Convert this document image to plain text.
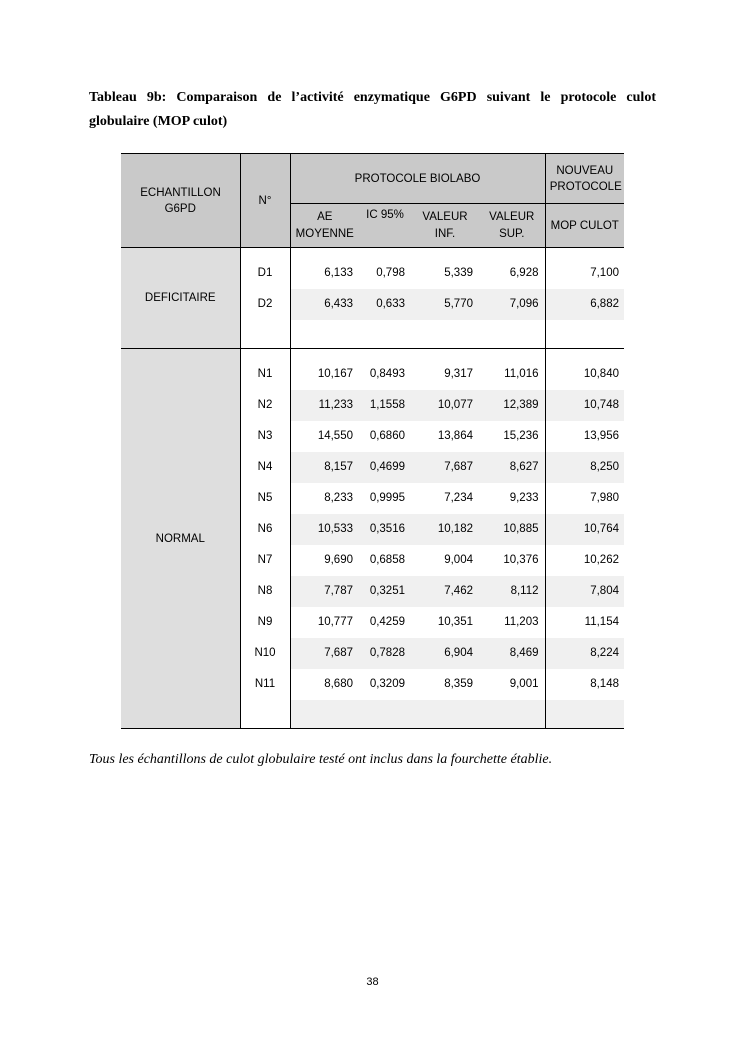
Tableau 9b: Comparaison de l’activité enzymatique G6PD suivant le protocole culot
globulaire (MOP culot)
ECHANTILLON G6PD	N°	PROTOCOLE BIOLABO				NOUVEAU PROTOCOLE

		AE MOYENNE	IC 95%	VALEUR INF.	VALEUR SUP.	MOP CULOT
DEFICITAIRE						
	D1	6,133	0,798	5,339	6,928	7,100
	D2	6,433	0,633	5,770	7,096	6,882

NORMAL						
	N1	10,167	0,8493	9,317	11,016	10,840
	N2	11,233	1,1558	10,077	12,389	10,748
	N3	14,550	0,6860	13,864	15,236	13,956
	N4	8,157	0,4699	7,687	8,627	8,250
	N5	8,233	0,9995	7,234	9,233	7,980
	N6	10,533	0,3516	10,182	10,885	10,764
	N7	9,690	0,6858	9,004	10,376	10,262
	N8	7,787	0,3251	7,462	8,112	7,804
	N9	10,777	0,4259	10,351	11,203	11,154
	N10	7,687	0,7828	6,904	8,469	8,224
	N11	8,680	0,3209	8,359	9,001	8,148

Tous les échantillons de culot globulaire testé ont inclus dans la fourchette établie.
38
